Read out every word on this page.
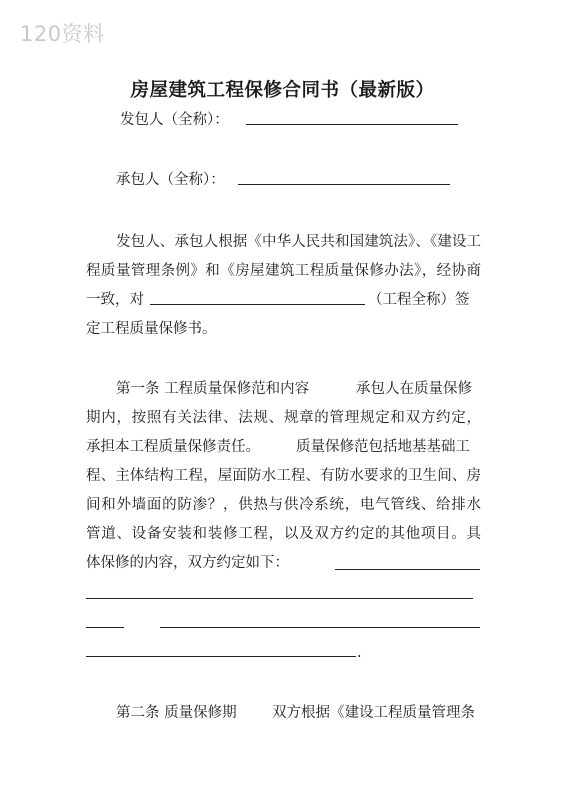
120资料
房屋建筑工程保修合同书（最新版）
发包人（全称）：
承包人（全称）：
发包人、承包人根据《中华人民共和国建筑法》、《建设工
程质量管理条例》和《房屋建筑工程质量保修办法》，经协商
一致，对	（工程全称）签
定工程质量保修书。
第一条 工程质量保修范和内容	承包人在质量保修
期内，按照有关法律、法规、规章的管理规定和双方约定，
承担本工程质量保修责任。 质量保修范包括地基基础工
程、主体结构工程，屋面防水工程、有防水要求的卫生间、房
间和外墙面的防渗？，供热与供冷系统，电气管线、给排水
管道、设备安装和装修工程，以及双方约定的其他项目。具
体保修的内容，双方约定如下：
.
第二条 质量保修期 双方根据《建设工程质量管理条
